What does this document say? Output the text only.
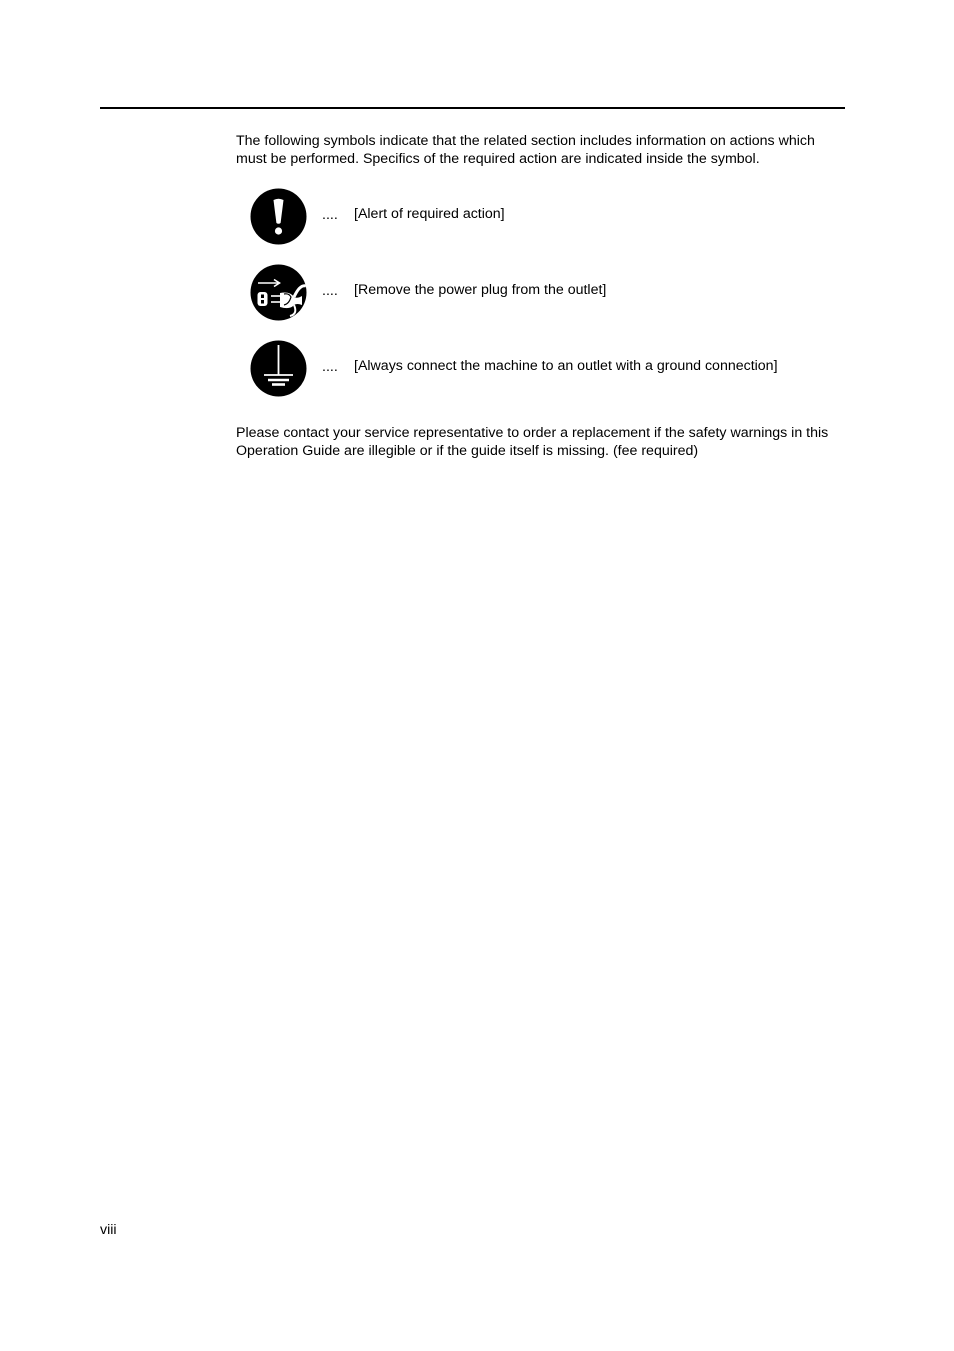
The following symbols indicate that the related section includes information on actions which must be performed. Specifics of the required action are indicated inside the symbol.

.... [Alert of required action]
.... [Remove the power plug from the outlet]
.... [Always connect the machine to an outlet with a ground connection]

Please contact your service representative to order a replacement if the safety warnings in this Operation Guide are illegible or if the guide itself is missing. (fee required)

viii
